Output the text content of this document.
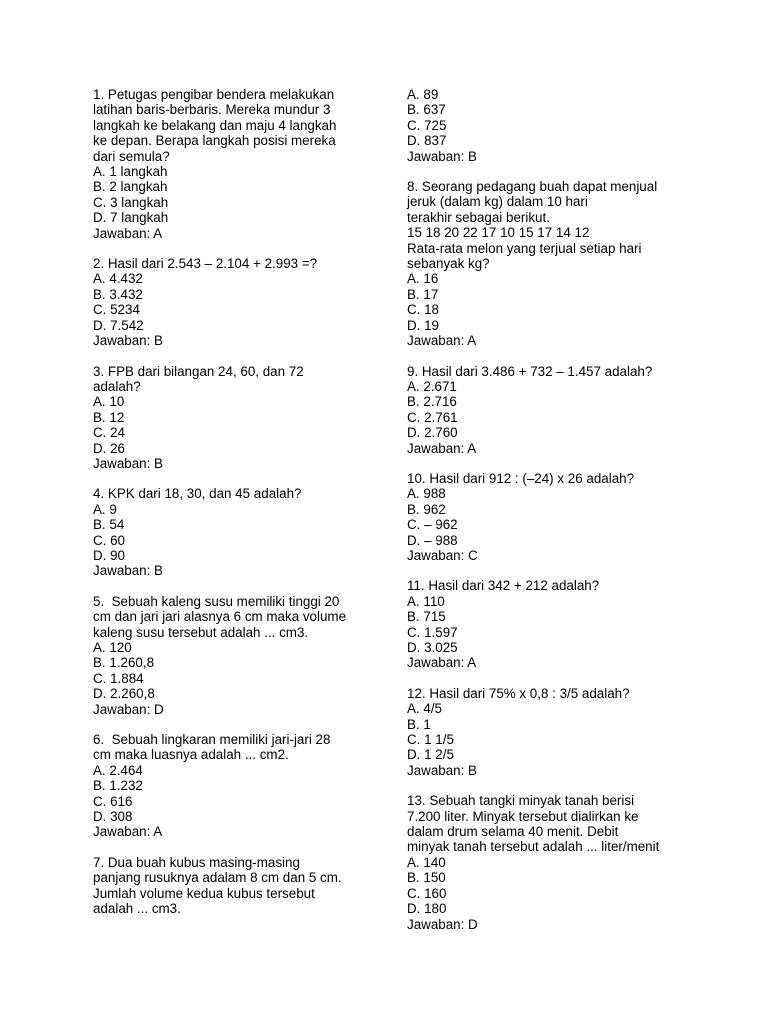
1. Petugas pengibar bendera melakukan
latihan baris-berbaris. Mereka mundur 3
langkah ke belakang dan maju 4 langkah
ke depan. Berapa langkah posisi mereka
dari semula?
A. 1 langkah
B. 2 langkah
C. 3 langkah
D. 7 langkah
Jawaban: A
2. Hasil dari 2.543 – 2.104 + 2.993 =?
A. 4.432
B. 3.432
C. 5234
D. 7.542
Jawaban: B
3. FPB dari bilangan 24, 60, dan 72
adalah?
A. 10
B. 12
C. 24
D. 26
Jawaban: B
4. KPK dari 18, 30, dan 45 adalah?
A. 9
B. 54
C. 60
D. 90
Jawaban: B
5.  Sebuah kaleng susu memiliki tinggi 20
cm dan jari jari alasnya 6 cm maka volume
kaleng susu tersebut adalah ... cm3.
A. 120
B. 1.260,8
C. 1.884
D. 2.260,8
Jawaban: D
6.  Sebuah lingkaran memiliki jari-jari 28
cm maka luasnya adalah ... cm2.
A. 2.464
B. 1.232
C. 616
D. 308
Jawaban: A
7. Dua buah kubus masing-masing
panjang rusuknya adalam 8 cm dan 5 cm.
Jumlah volume kedua kubus tersebut
adalah ... cm3.
A. 89
B. 637
C. 725
D. 837
Jawaban: B
8. Seorang pedagang buah dapat menjual
jeruk (dalam kg) dalam 10 hari
terakhir sebagai berikut.
15 18 20 22 17 10 15 17 14 12
Rata-rata melon yang terjual setiap hari
sebanyak kg?
A. 16
B. 17
C. 18
D. 19
Jawaban: A
9. Hasil dari 3.486 + 732 – 1.457 adalah?
A. 2.671
B. 2.716
C. 2.761
D. 2.760
Jawaban: A
10. Hasil dari 912 : (–24) x 26 adalah?
A. 988
B. 962
C. – 962
D. – 988
Jawaban: C
11. Hasil dari 342 + 212 adalah?
A. 110
B. 715
C. 1.597
D. 3.025
Jawaban: A
12. Hasil dari 75% x 0,8 : 3/5 adalah?
A. 4/5
B. 1
C. 1 1/5
D. 1 2/5
Jawaban: B
13. Sebuah tangki minyak tanah berisi
7.200 liter. Minyak tersebut dialirkan ke
dalam drum selama 40 menit. Debit
minyak tanah tersebut adalah ... liter/menit
A. 140
B. 150
C. 160
D. 180
Jawaban: D
